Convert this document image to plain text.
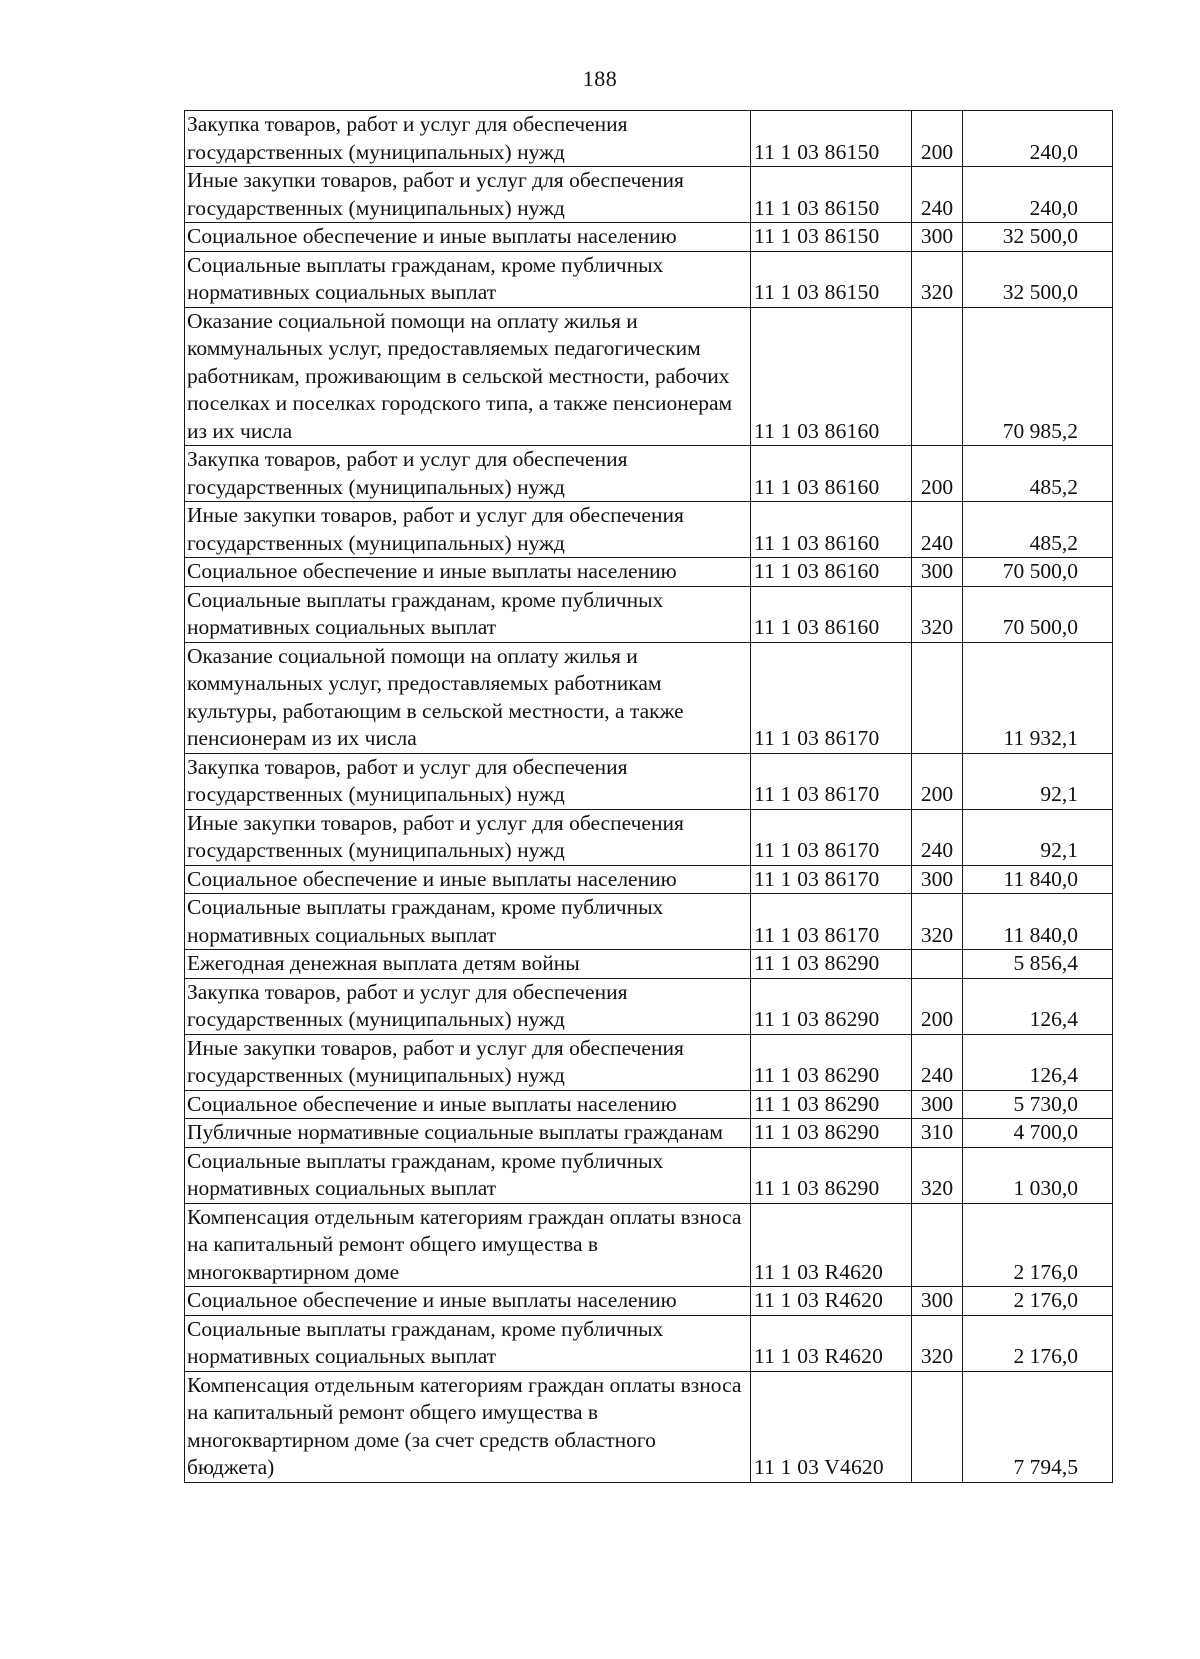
188
Закупка товаров, работ и услуг для обеспечения государственных (муниципальных) нужд	11 1 03 86150	200	240,0
Иные закупки товаров, работ и услуг для обеспечения государственных (муниципальных) нужд	11 1 03 86150	240	240,0
Социальное обеспечение и иные выплаты населению	11 1 03 86150	300	32 500,0
Социальные выплаты гражданам, кроме публичных нормативных социальных выплат	11 1 03 86150	320	32 500,0
Оказание социальной помощи на оплату жилья и коммунальных услуг, предоставляемых педагогическим работникам, проживающим в сельской местности, рабочих поселках и поселках городского типа, а также пенсионерам из их числа	11 1 03 86160		70 985,2
Закупка товаров, работ и услуг для обеспечения государственных (муниципальных) нужд	11 1 03 86160	200	485,2
Иные закупки товаров, работ и услуг для обеспечения государственных (муниципальных) нужд	11 1 03 86160	240	485,2
Социальное обеспечение и иные выплаты населению	11 1 03 86160	300	70 500,0
Социальные выплаты гражданам, кроме публичных нормативных социальных выплат	11 1 03 86160	320	70 500,0
Оказание социальной помощи на оплату жилья и коммунальных услуг, предоставляемых работникам культуры, работающим в сельской местности, а также пенсионерам из их числа	11 1 03 86170		11 932,1
Закупка товаров, работ и услуг для обеспечения государственных (муниципальных) нужд	11 1 03 86170	200	92,1
Иные закупки товаров, работ и услуг для обеспечения государственных (муниципальных) нужд	11 1 03 86170	240	92,1
Социальное обеспечение и иные выплаты населению	11 1 03 86170	300	11 840,0
Социальные выплаты гражданам, кроме публичных нормативных социальных выплат	11 1 03 86170	320	11 840,0
Ежегодная денежная выплата детям войны	11 1 03 86290		5 856,4
Закупка товаров, работ и услуг для обеспечения государственных (муниципальных) нужд	11 1 03 86290	200	126,4
Иные закупки товаров, работ и услуг для обеспечения государственных (муниципальных) нужд	11 1 03 86290	240	126,4
Социальное обеспечение и иные выплаты населению	11 1 03 86290	300	5 730,0
Публичные нормативные социальные выплаты гражданам	11 1 03 86290	310	4 700,0
Социальные выплаты гражданам, кроме публичных нормативных социальных выплат	11 1 03 86290	320	1 030,0
Компенсация отдельным категориям граждан оплаты взноса на капитальный ремонт общего имущества в многоквартирном доме	11 1 03 R4620		2 176,0
Социальное обеспечение и иные выплаты населению	11 1 03 R4620	300	2 176,0
Социальные выплаты гражданам, кроме публичных нормативных социальных выплат	11 1 03 R4620	320	2 176,0
Компенсация отдельным категориям граждан оплаты взноса на капитальный ремонт общего имущества в многоквартирном доме (за счет средств областного бюджета)	11 1 03 V4620		7 794,5
